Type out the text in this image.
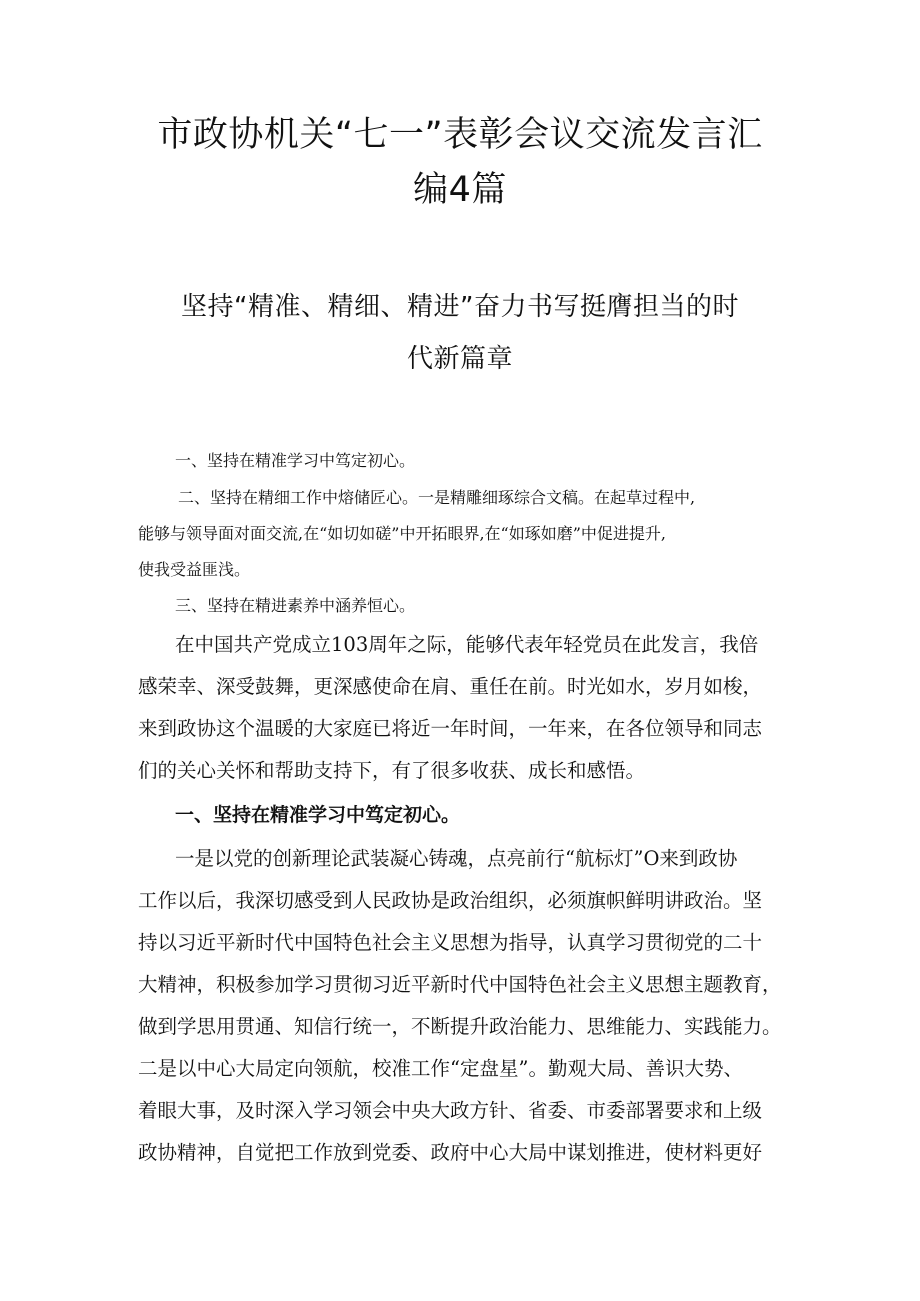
市政协机关“七一”表彰会议交流发言汇
编4篇
坚持“精准、精细、精进”奋力书写挺膺担当的时
代新篇章
一、坚持在精准学习中笃定初心。
二、坚持在精细工作中熔储匠心。一是精雕细琢综合文稿。在起草过程中,
能够与领导面对面交流,在“如切如磋”中开拓眼界,在“如琢如磨”中促进提升,
使我受益匪浅。
三、坚持在精进素养中涵养恒心。
在中国共产党成立103周年之际，能够代表年轻党员在此发言，我倍
感荣幸、深受鼓舞，更深感使命在肩、重任在前。时光如水，岁月如梭，
来到政协这个温暖的大家庭已将近一年时间，一年来，在各位领导和同志
们的关心关怀和帮助支持下，有了很多收获、成长和感悟。
一、坚持在精准学习中笃定初心。
一是以党的创新理论武装凝心铸魂，点亮前行“航标灯”O来到政协
工作以后，我深切感受到人民政协是政治组织，必须旗帜鲜明讲政治。坚
持以习近平新时代中国特色社会主义思想为指导，认真学习贯彻党的二十
大精神，积极参加学习贯彻习近平新时代中国特色社会主义思想主题教育，
做到学思用贯通、知信行统一，不断提升政治能力、思维能力、实践能力。
二是以中心大局定向领航，校准工作“定盘星”。勤观大局、善识大势、
着眼大事，及时深入学习领会中央大政方针、省委、市委部署要求和上级
政协精神，自觉把工作放到党委、政府中心大局中谋划推进，使材料更好
